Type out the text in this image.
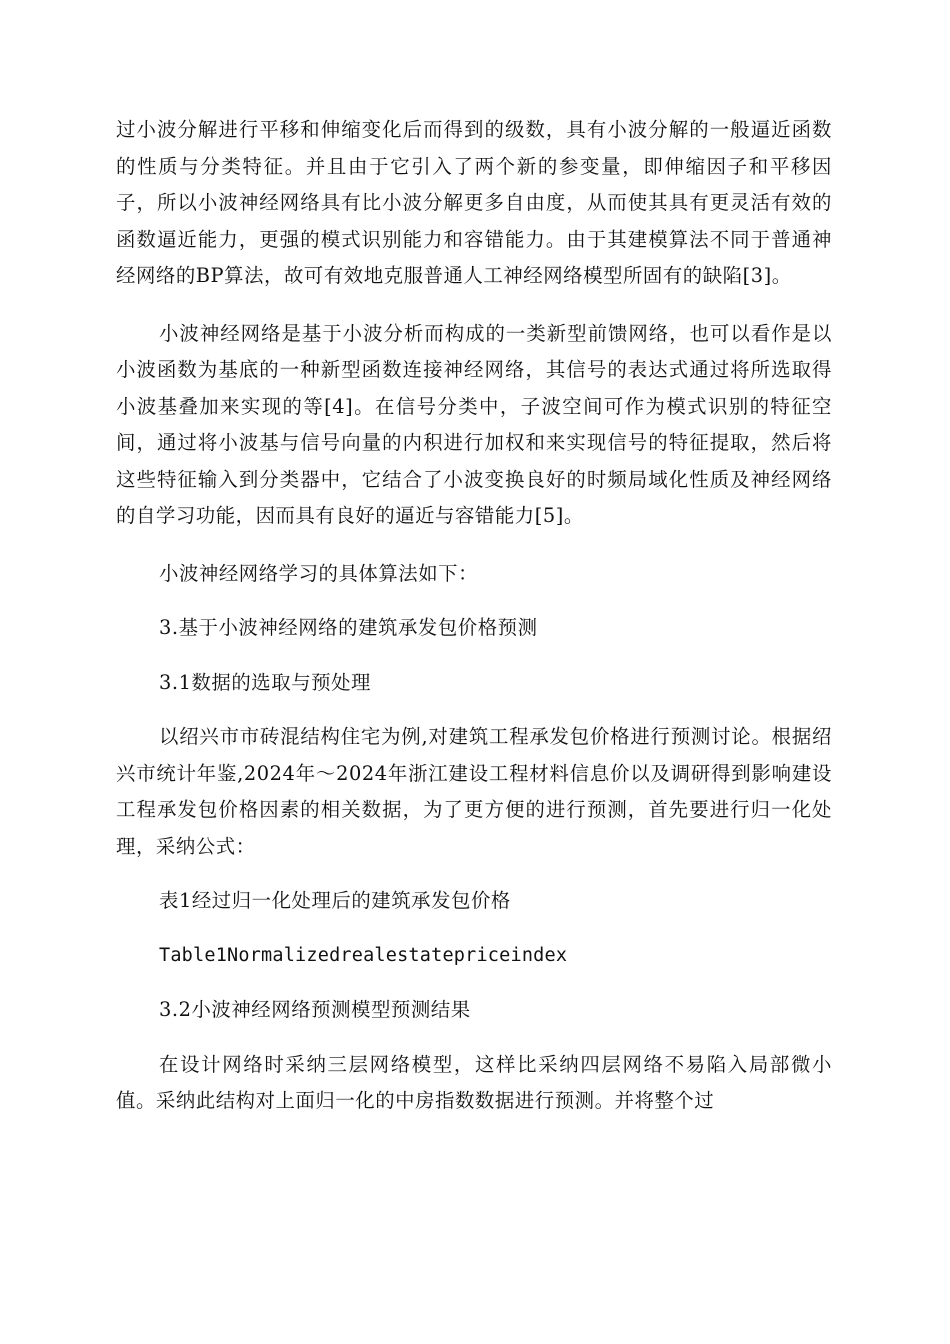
过小波分解进行平移和伸缩变化后而得到的级数，具有小波分解的一般逼近函数的性质与分类特征。并且由于它引入了两个新的参变量，即伸缩因子和平移因子，所以小波神经网络具有比小波分解更多自由度，从而使其具有更灵活有效的函数逼近能力，更强的模式识别能力和容错能力。由于其建模算法不同于普通神经网络的BP算法，故可有效地克服普通人工神经网络模型所固有的缺陷[3]。

小波神经网络是基于小波分析而构成的一类新型前馈网络，也可以看作是以小波函数为基底的一种新型函数连接神经网络，其信号的表达式通过将所选取得小波基叠加来实现的等[4]。在信号分类中，子波空间可作为模式识别的特征空间，通过将小波基与信号向量的内积进行加权和来实现信号的特征提取，然后将这些特征输入到分类器中，它结合了小波变换良好的时频局域化性质及神经网络的自学习功能，因而具有良好的逼近与容错能力[5]。

小波神经网络学习的具体算法如下：

3.基于小波神经网络的建筑承发包价格预测

3.1数据的选取与预处理

以绍兴市市砖混结构住宅为例,对建筑工程承发包价格进行预测讨论。根据绍兴市统计年鉴,2024年～2024年浙江建设工程材料信息价以及调研得到影响建设工程承发包价格因素的相关数据，为了更方便的进行预测，首先要进行归一化处理，采纳公式：

表1经过归一化处理后的建筑承发包价格

Table1Normalizedrealestatepriceindex

3.2小波神经网络预测模型预测结果

在设计网络时采纳三层网络模型，这样比采纳四层网络不易陷入局部微小值。采纳此结构对上面归一化的中房指数数据进行预测。并将整个过
